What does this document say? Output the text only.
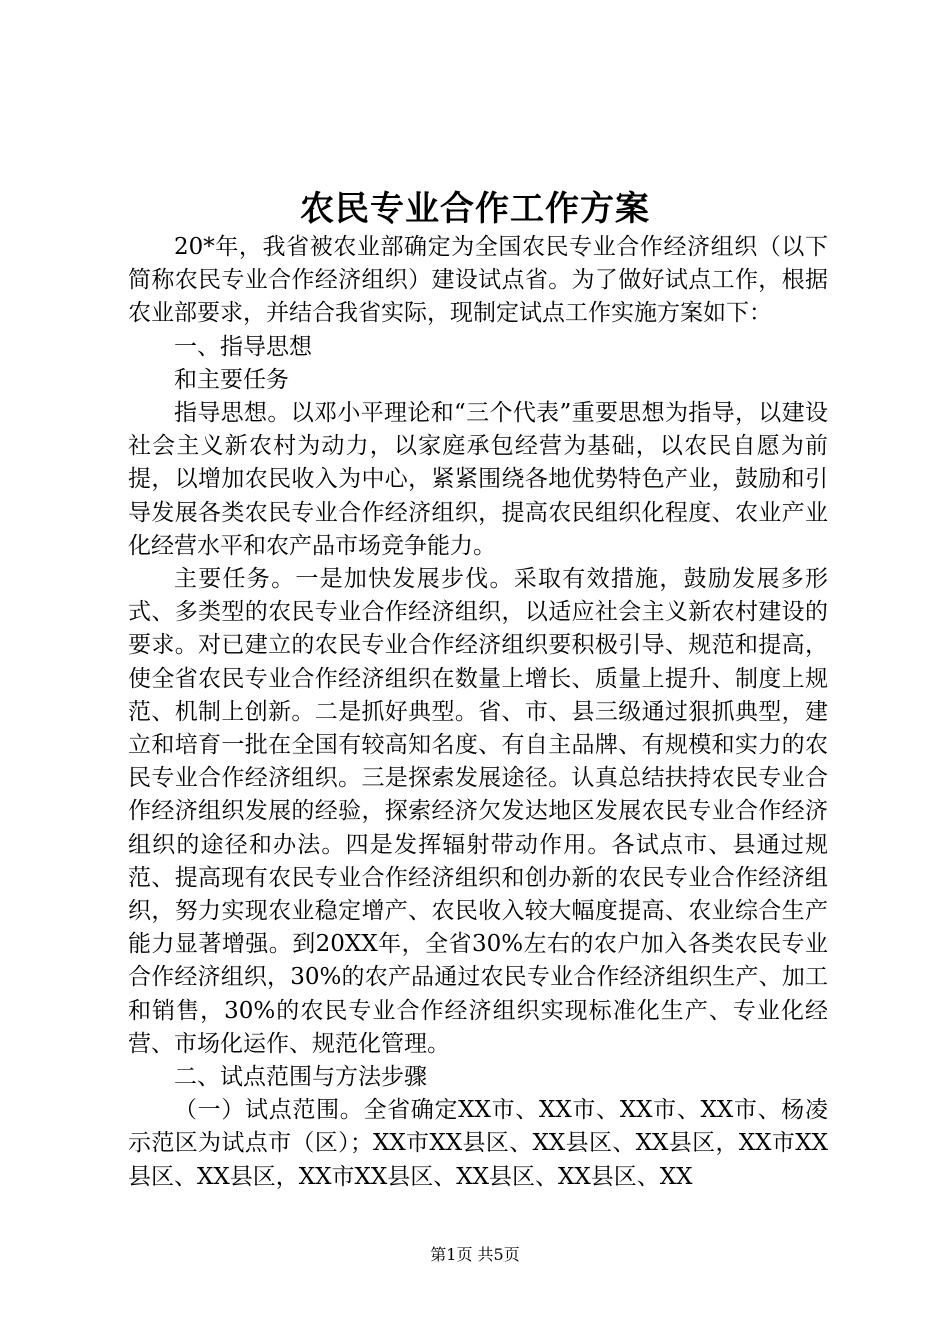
农民专业合作工作方案

20*年，我省被农业部确定为全国农民专业合作经济组织（以下简称农民专业合作经济组织）建设试点省。为了做好试点工作，根据农业部要求，并结合我省实际，现制定试点工作实施方案如下：

一、指导思想

和主要任务

指导思想。以邓小平理论和“三个代表”重要思想为指导，以建设社会主义新农村为动力，以家庭承包经营为基础，以农民自愿为前提，以增加农民收入为中心，紧紧围绕各地优势特色产业，鼓励和引导发展各类农民专业合作经济组织，提高农民组织化程度、农业产业化经营水平和农产品市场竞争能力。

主要任务。一是加快发展步伐。采取有效措施，鼓励发展多形式、多类型的农民专业合作经济组织，以适应社会主义新农村建设的要求。对已建立的农民专业合作经济组织要积极引导、规范和提高，使全省农民专业合作经济组织在数量上增长、质量上提升、制度上规范、机制上创新。二是抓好典型。省、市、县三级通过狠抓典型，建立和培育一批在全国有较高知名度、有自主品牌、有规模和实力的农民专业合作经济组织。三是探索发展途径。认真总结扶持农民专业合作经济组织发展的经验，探索经济欠发达地区发展农民专业合作经济组织的途径和办法。四是发挥辐射带动作用。各试点市、县通过规范、提高现有农民专业合作经济组织和创办新的农民专业合作经济组织，努力实现农业稳定增产、农民收入较大幅度提高、农业综合生产能力显著增强。到20XX年，全省30%左右的农户加入各类农民专业合作经济组织，30%的农产品通过农民专业合作经济组织生产、加工和销售，30%的农民专业合作经济组织实现标准化生产、专业化经营、市场化运作、规范化管理。

二、试点范围与方法步骤

（一）试点范围。全省确定XX市、XX市、XX市、XX市、杨凌示范区为试点市（区）；XX市XX县区、XX县区、XX县区，XX市XX县区、XX县区，XX市XX县区、XX县区、XX县区、XX

第1页 共5页
